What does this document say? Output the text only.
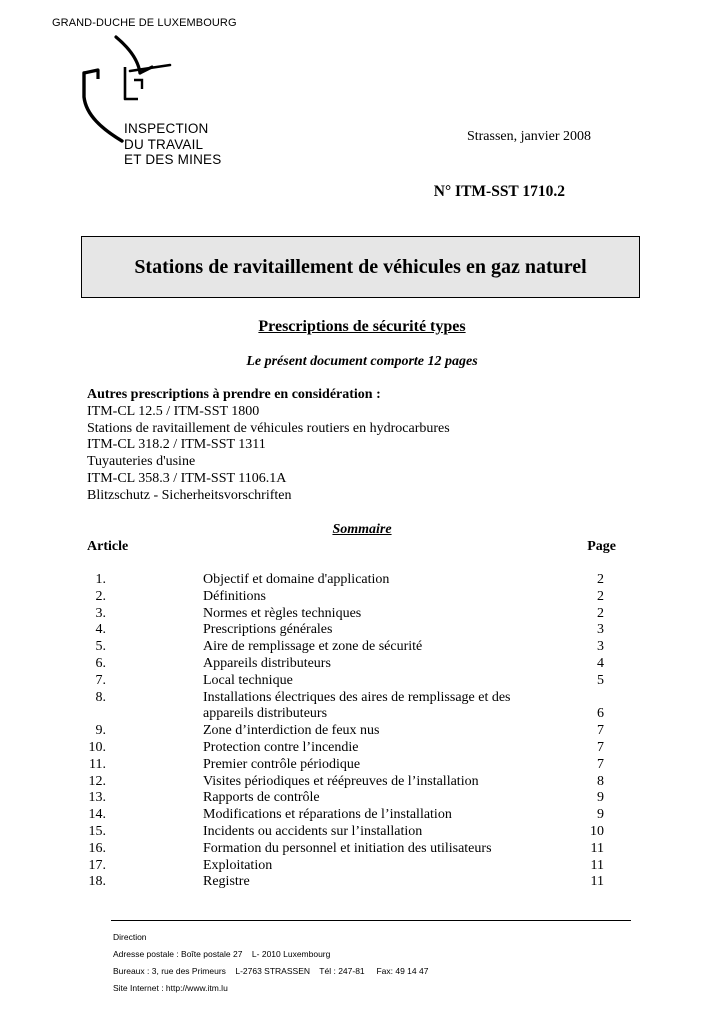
GRAND-DUCHE DE LUXEMBOURG
INSPECTION
DU TRAVAIL
ET DES MINES
Strassen, janvier 2008
N° ITM-SST 1710.2
Stations de ravitaillement de véhicules en gaz naturel
Prescriptions de sécurité types
Le présent document comporte 12 pages
Autres prescriptions à prendre en considération :
ITM-CL 12.5 / ITM-SST 1800
Stations de ravitaillement de véhicules routiers en hydrocarbures
ITM-CL 318.2 / ITM-SST 1311
Tuyauteries d'usine
ITM-CL 358.3 / ITM-SST 1106.1A
Blitzschutz - Sicherheitsvorschriften
Sommaire
Article	Page
1.	Objectif et domaine d'application	2
2.	Définitions	2
3.	Normes et règles techniques	2
4.	Prescriptions générales	3
5.	Aire de remplissage et zone de sécurité	3
6.	Appareils distributeurs	4
7.	Local technique	5
8.	Installations électriques des aires de remplissage et des appareils distributeurs	6
9.	Zone d’interdiction de feux nus	7
10.	Protection contre l’incendie	7
11.	Premier contrôle périodique	7
12.	Visites périodiques et réépreuves de l’installation	8
13.	Rapports de contrôle	9
14.	Modifications et réparations de l’installation	9
15.	Incidents ou accidents sur l’installation	10
16.	Formation du personnel et initiation des utilisateurs	11
17.	Exploitation	11
18.	Registre	11
Direction
Adresse postale : Boîte postale 27    L- 2010 Luxembourg
Bureaux : 3, rue des Primeurs    L-2763 STRASSEN    Tél : 247-81     Fax: 49 14 47
Site Internet : http://www.itm.lu
